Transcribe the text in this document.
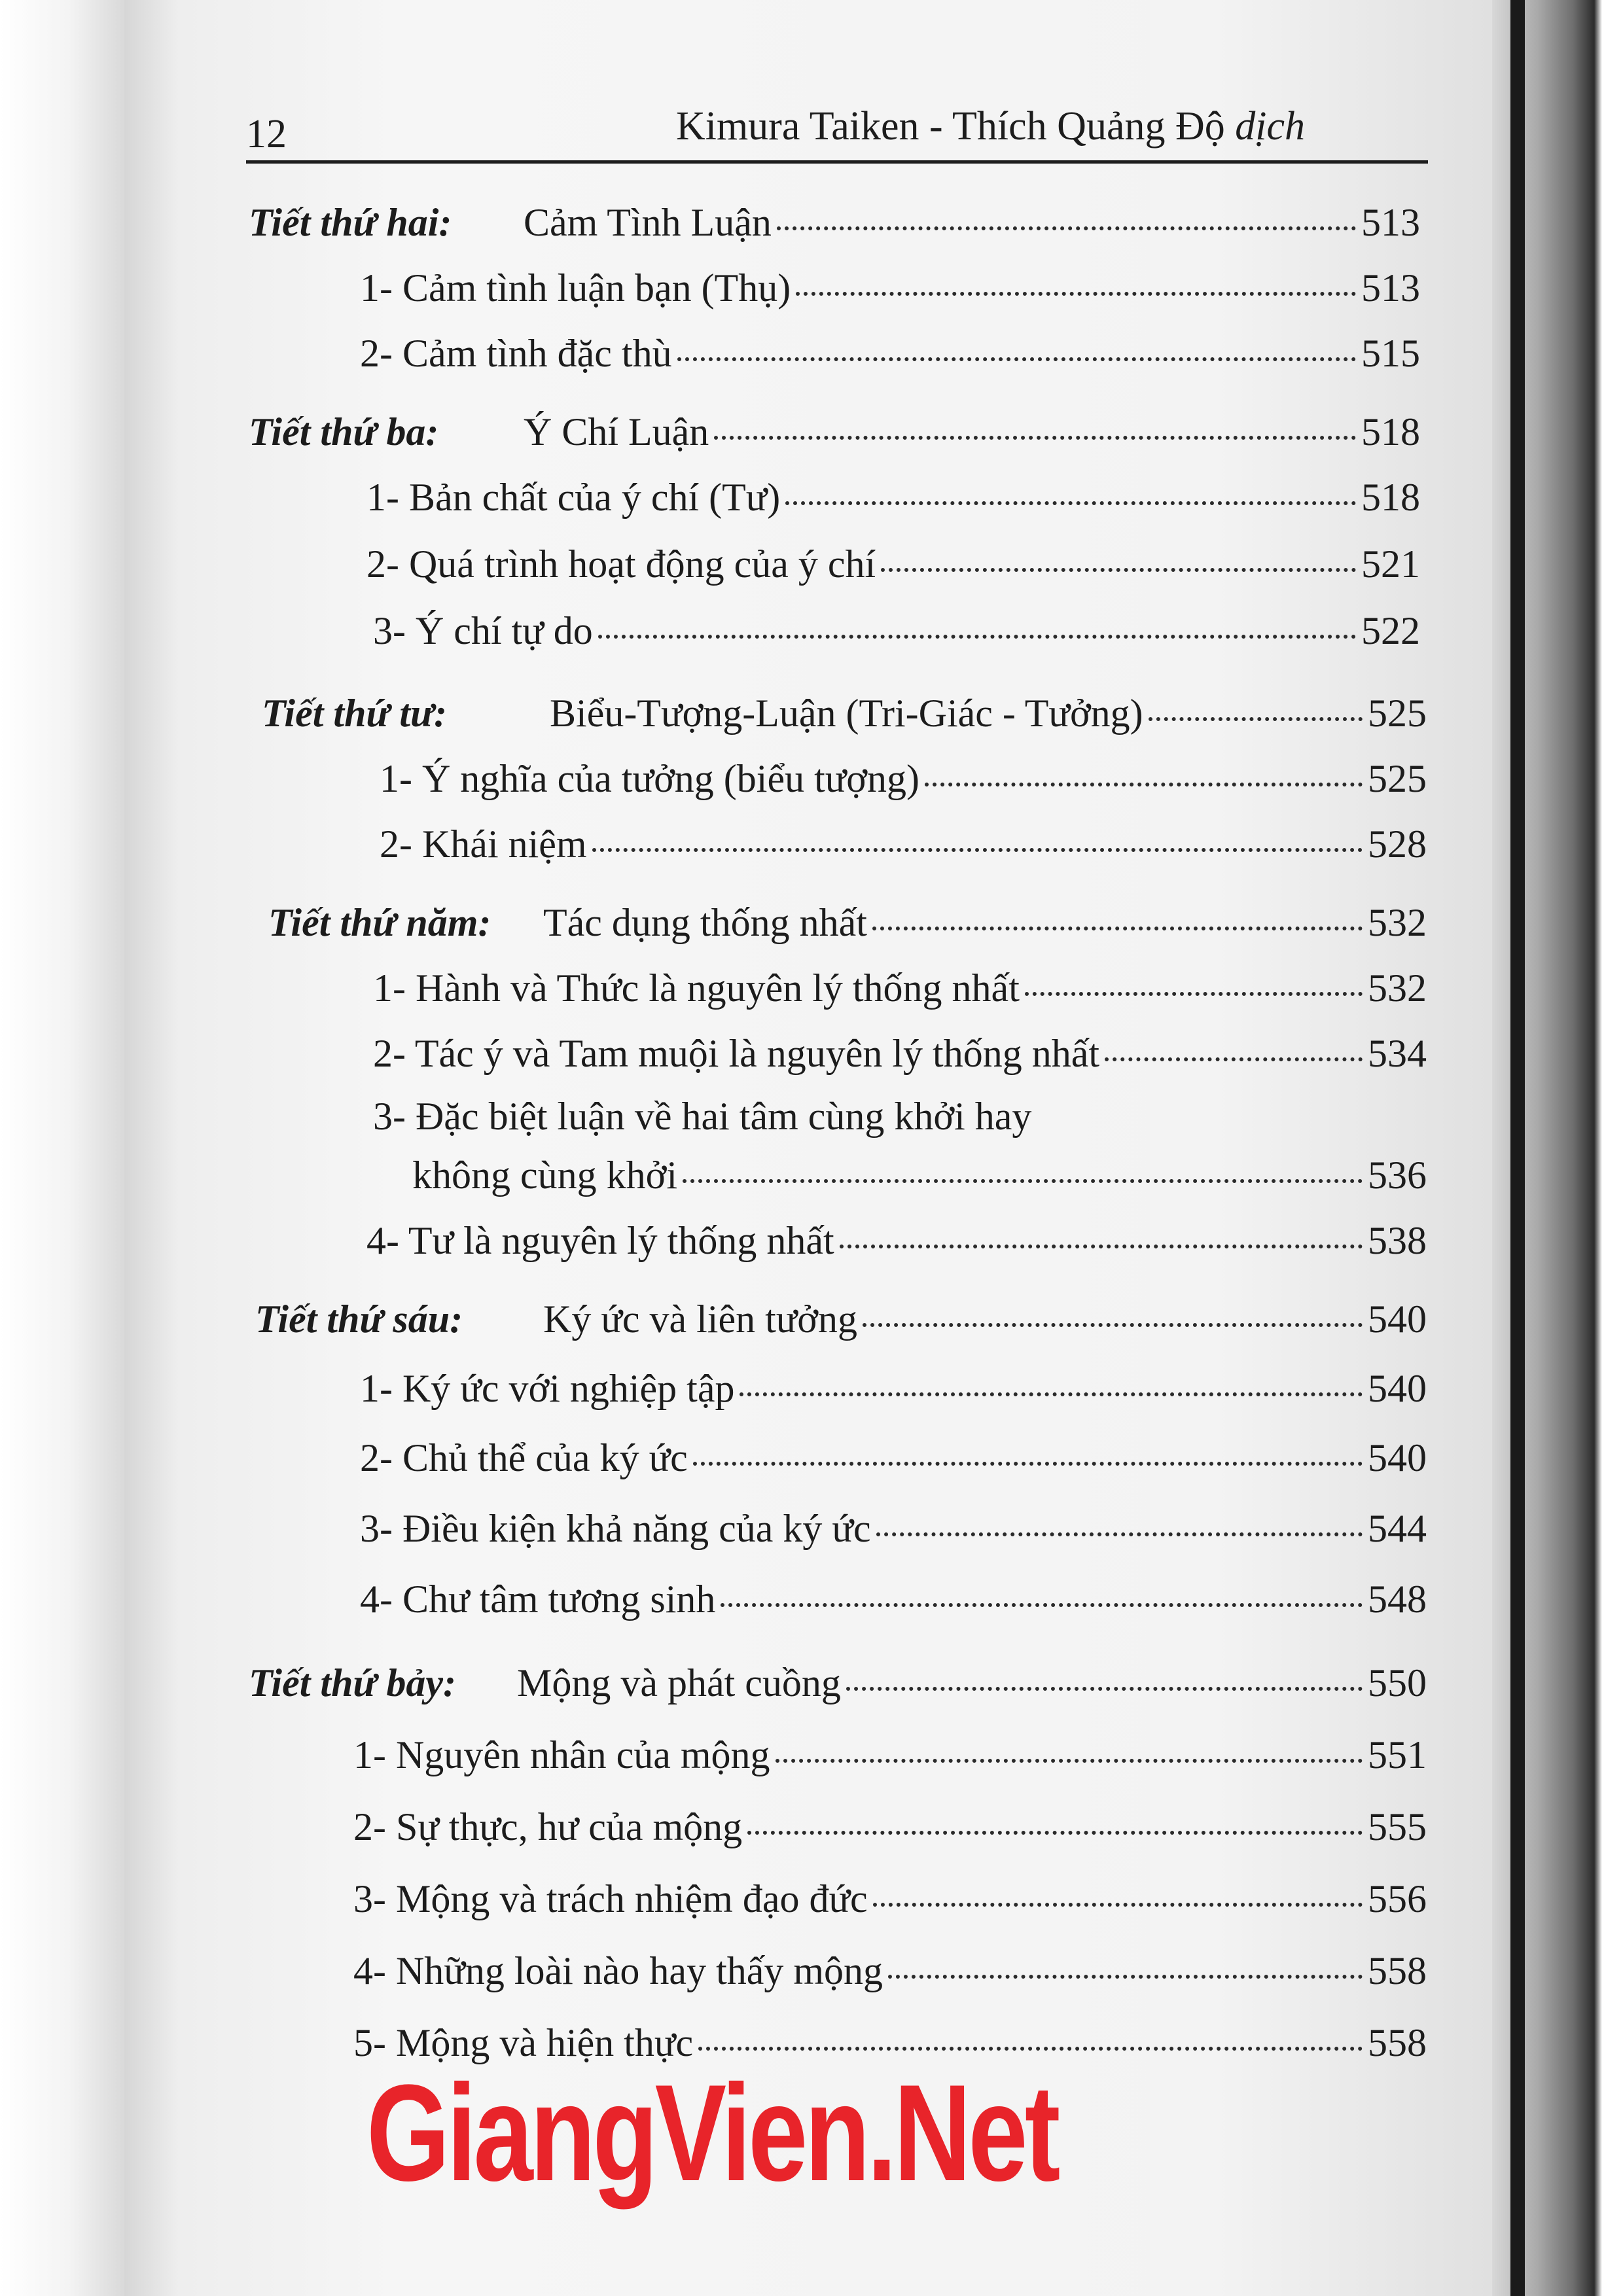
12	Kimura Taiken - Thích Quảng Độ dịch
Tiết thứ hai:	Cảm Tình Luận	513
1- Cảm tình luận bạn (Thụ)	513
2- Cảm tình đặc thù	515
Tiết thứ ba:	Ý Chí Luận	518
1- Bản chất của ý chí (Tư)	518
2- Quá trình hoạt động của ý chí	521
3- Ý chí tự do	522
Tiết thứ tư:	Biểu-Tượng-Luận (Tri-Giác - Tưởng)	525
1- Ý nghĩa của tưởng (biểu tượng)	525
2- Khái niệm	528
Tiết thứ năm:	Tác dụng thống nhất	532
1- Hành và Thức là nguyên lý thống nhất	532
2- Tác ý và Tam muội là nguyên lý thống nhất	534
3- Đặc biệt luận về hai tâm cùng khởi hay
không cùng khởi	536
4- Tư là nguyên lý thống nhất	538
Tiết thứ sáu:	Ký ức và liên tưởng	540
1- Ký ức với nghiệp tập	540
2- Chủ thể của ký ức	540
3- Điều kiện khả năng của ký ức	544
4- Chư tâm tương sinh	548
Tiết thứ bảy:	Mộng và phát cuồng	550
1- Nguyên nhân của mộng	551
2- Sự thực, hư của mộng	555
3- Mộng và trách nhiệm đạo đức	556
4- Những loài nào hay thấy mộng	558
5- Mộng và hiện thực	558
GiangVien.Net
